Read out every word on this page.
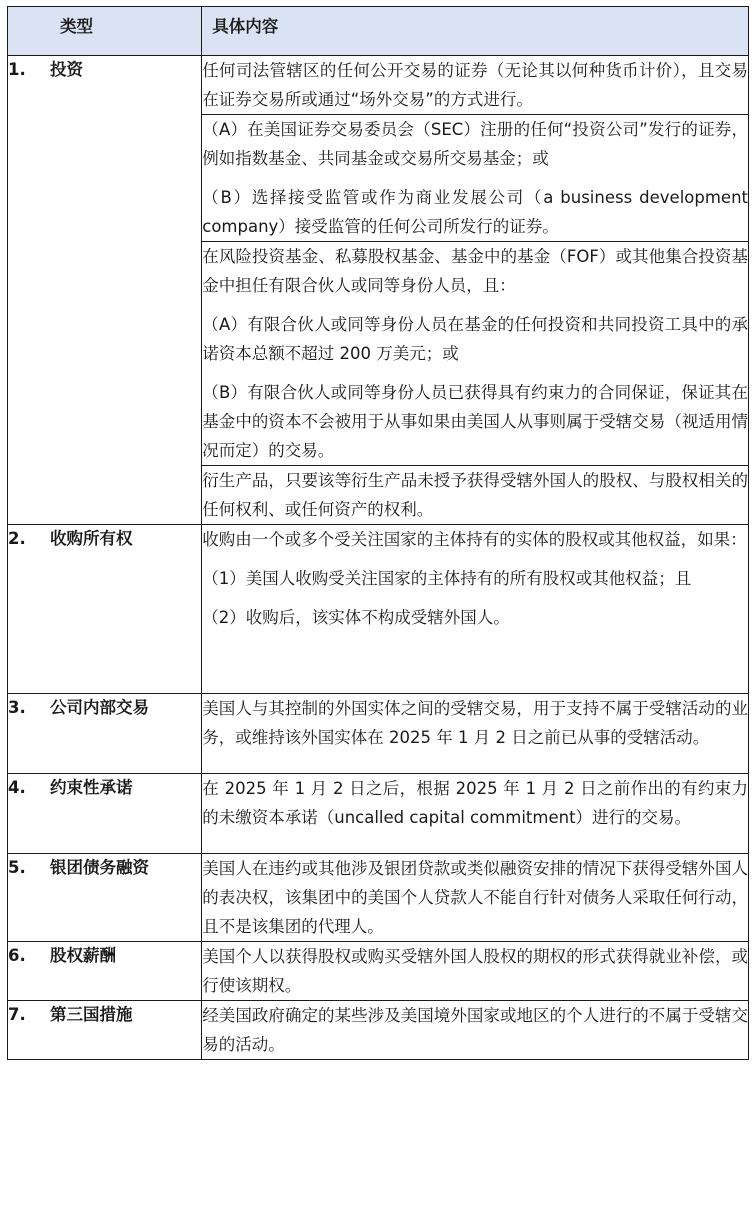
类型	具体内容
1. 投资	任何司法管辖区的任何公开交易的证券（无论其以何种货币计价），且交易在证券交易所或通过“场外交易”的方式进行。

	（A）在美国证券交易委员会（SEC）注册的任何“投资公司”发行的证券，例如指数基金、共同基金或交易所交易基金；或

（B）选择接受监管或作为商业发展公司（a business development company）接受监管的任何公司所发行的证券。

	在风险投资基金、私募股权基金、基金中的基金（FOF）或其他集合投资基金中担任有限合伙人或同等身份人员，且：

（A）有限合伙人或同等身份人员在基金的任何投资和共同投资工具中的承诺资本总额不超过 200 万美元；或

（B）有限合伙人或同等身份人员已获得具有约束力的合同保证，保证其在基金中的资本不会被用于从事如果由美国人从事则属于受辖交易（视适用情况而定）的交易。

	衍生产品，只要该等衍生产品未授予获得受辖外国人的股权、与股权相关的任何权利、或任何资产的权利。

2. 收购所有权	收购由一个或多个受关注国家的主体持有的实体的股权或其他权益，如果：

（1）美国人收购受关注国家的主体持有的所有股权或其他权益；且

（2）收购后，该实体不构成受辖外国人。

3. 公司内部交易	美国人与其控制的外国实体之间的受辖交易，用于支持不属于受辖活动的业务，或维持该外国实体在 2025 年 1 月 2 日之前已从事的受辖活动。

4. 约束性承诺	在 2025 年 1 月 2 日之后，根据 2025 年 1 月 2 日之前作出的有约束力的未缴资本承诺（uncalled capital commitment）进行的交易。

5. 银团债务融资	美国人在违约或其他涉及银团贷款或类似融资安排的情况下获得受辖外国人的表决权，该集团中的美国个人贷款人不能自行针对债务人采取任何行动，且不是该集团的代理人。

6. 股权薪酬	美国个人以获得股权或购买受辖外国人股权的期权的形式获得就业补偿，或行使该期权。

7. 第三国措施	经美国政府确定的某些涉及美国境外国家或地区的个人进行的不属于受辖交易的活动。
